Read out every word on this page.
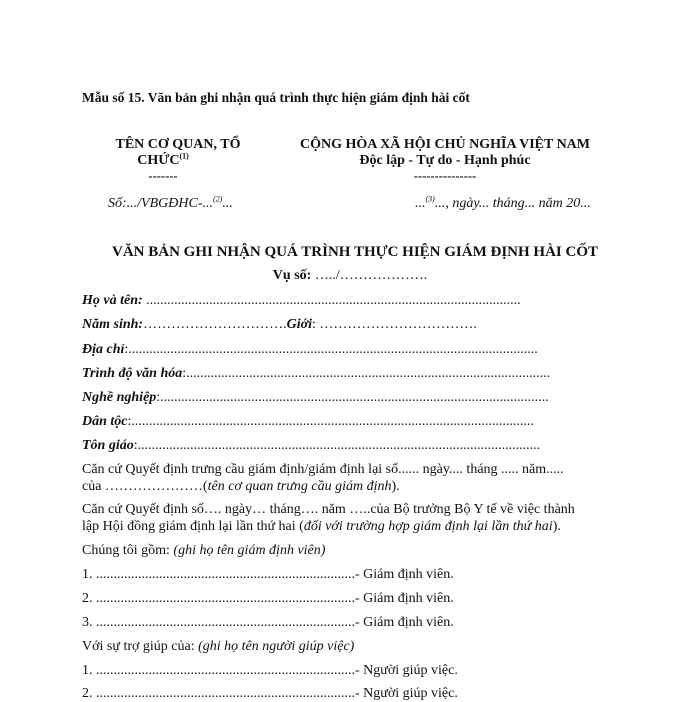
Mẫu số 15. Văn bản ghi nhận quá trình thực hiện giám định hài cốt
TÊN CƠ QUAN, TỔ
CHỨC$^{(1)}$
-------
Số:.../VBGĐHC-...$^{(2)}$...
CỘNG HÒA XÃ HỘI CHỦ NGHĨA VIỆT NAM
Độc lập - Tự do - Hạnh phúc
---------------
...$^{(3)}$..., ngày... tháng... năm 20...
VĂN BẢN GHI NHẬN QUÁ TRÌNH THỰC HIỆN GIÁM ĐỊNH HÀI CỐT
Vụ số: …../……………….
Họ và tên: ...........................................................................................................
Năm sinh:………………………….Giới: …………………………….
Địa chỉ:.....................................................................................................................
Trình độ văn hóa:........................................................................................................
Nghề nghiệp:...............................................................................................................
Dân tộc:...................................................................................................................
Tôn giáo:...................................................................................................................
Căn cứ Quyết định trưng cầu giám định/giám định lại số...... ngày.... tháng ..... năm.....
của …………………(tên cơ quan trưng cầu giám định).
Căn cứ Quyết định số…. ngày… tháng…. năm …..của Bộ trưởng Bộ Y tế về việc thành
lập Hội đồng giám định lại lần thứ hai (đối với trường hợp giám định lại lần thứ hai).
Chúng tôi gồm: (ghi họ tên giám định viên)
1. ..........................................................................- Giám định viên.
2. ..........................................................................- Giám định viên.
3. ..........................................................................- Giám định viên.
Với sự trợ giúp của: (ghi họ tên người giúp việc)
1. ..........................................................................- Người giúp việc.
2. ..........................................................................- Người giúp việc.
